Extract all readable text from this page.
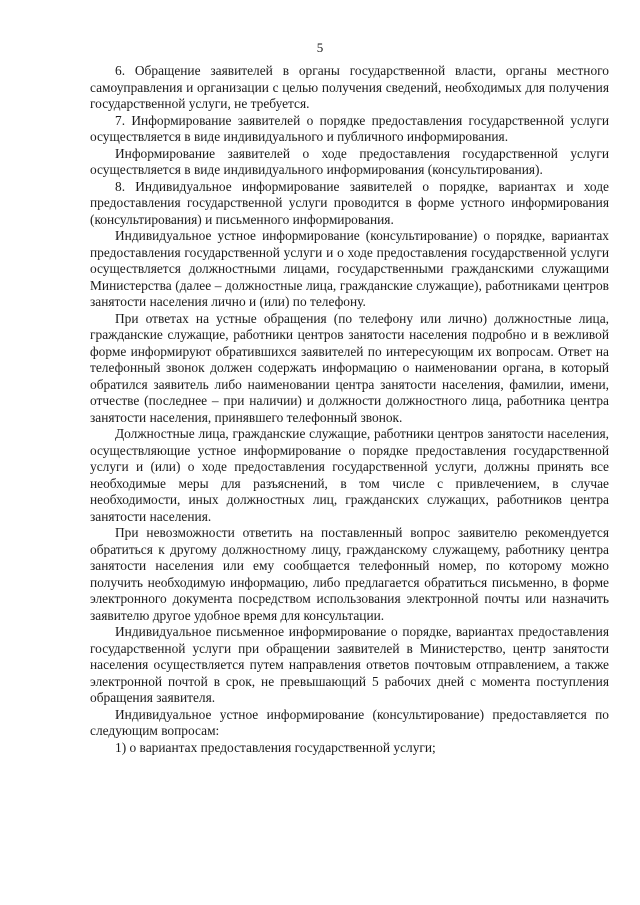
5

6. Обращение заявителей в органы государственной власти, органы местного самоуправления и организации с целью получения сведений, необходимых для получения государственной услуги, не требуется.

7. Информирование заявителей о порядке предоставления государственной услуги осуществляется в виде индивидуального и публичного информирования.

Информирование заявителей о ходе предоставления государственной услуги осуществляется в виде индивидуального информирования (консультирования).

8. Индивидуальное информирование заявителей о порядке, вариантах и ходе предоставления государственной услуги проводится в форме устного информирования (консультирования) и письменного информирования.

Индивидуальное устное информирование (консультирование) о порядке, вариантах предоставления государственной услуги и о ходе предоставления государственной услуги осуществляется должностными лицами, государственными гражданскими служащими Министерства (далее – должностные лица, гражданские служащие), работниками центров занятости населения лично и (или) по телефону.

При ответах на устные обращения (по телефону или лично) должностные лица, гражданские служащие, работники центров занятости населения подробно и в вежливой форме информируют обратившихся заявителей по интересующим их вопросам. Ответ на телефонный звонок должен содержать информацию о наименовании органа, в который обратился заявитель либо наименовании центра занятости населения, фамилии, имени, отчестве (последнее – при наличии) и должности должностного лица, работника центра занятости населения, принявшего телефонный звонок.

Должностные лица, гражданские служащие, работники центров занятости населения, осуществляющие устное информирование о порядке предоставления государственной услуги и (или) о ходе предоставления государственной услуги, должны принять все необходимые меры для разъяснений, в том числе с привлечением, в случае необходимости, иных должностных лиц, гражданских служащих, работников центра занятости населения.

При невозможности ответить на поставленный вопрос заявителю рекомендуется обратиться к другому должностному лицу, гражданскому служащему, работнику центра занятости населения или ему сообщается телефонный номер, по которому можно получить необходимую информацию, либо предлагается обратиться письменно, в форме электронного документа посредством использования электронной почты или назначить заявителю другое удобное время для консультации.

Индивидуальное письменное информирование о порядке, вариантах предоставления государственной услуги при обращении заявителей в Министерство, центр занятости населения осуществляется путем направления ответов почтовым отправлением, а также электронной почтой в срок, не превышающий 5 рабочих дней с момента поступления обращения заявителя.

Индивидуальное устное информирование (консультирование) предоставляется по следующим вопросам:

1) о вариантах предоставления государственной услуги;
